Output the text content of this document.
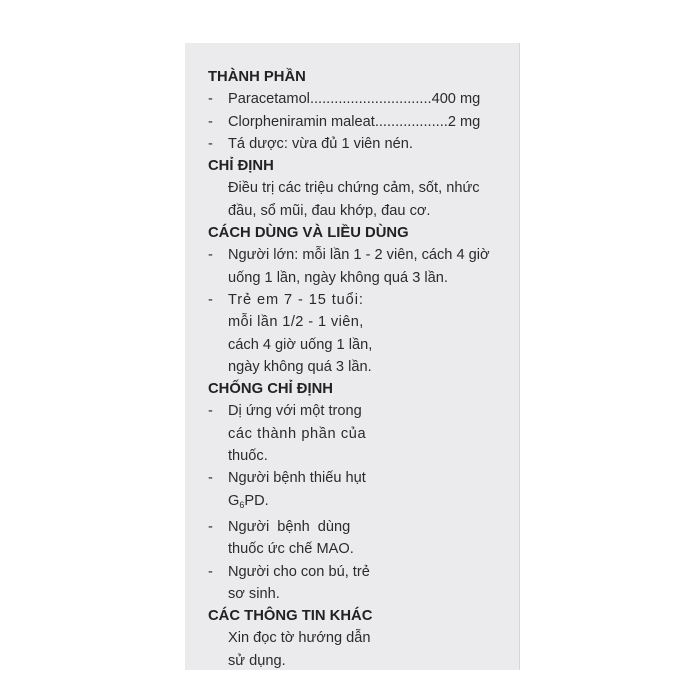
THÀNH PHẦN
-	Paracetamol..............................400 mg
-	Clorpheniramin maleat..................2 mg
-	Tá dược: vừa đủ 1 viên nén.
CHỈ ĐỊNH
Điều trị các triệu chứng cảm, sốt, nhức
đầu, sổ mũi, đau khớp, đau cơ.
CÁCH DÙNG VÀ LIỀU DÙNG
-	Người lớn: mỗi lần 1 - 2 viên, cách 4 giờ
uống 1 lần, ngày không quá 3 lần.
-	Trẻ em 7 - 15 tuổi:
mỗi lần 1/2 - 1 viên,
cách 4 giờ uống 1 lần,
ngày không quá 3 lần.
CHỐNG CHỈ ĐỊNH
-	Dị ứng với một trong
các thành phần của
thuốc.
-	Người bệnh thiếu hụt
$G_6PD$.
-	Người bệnh dùng
thuốc ức chế MAO.
-	Người cho con bú, trẻ
sơ sinh.
CÁC THÔNG TIN KHÁC
Xin đọc tờ hướng dẫn
sử dụng.
